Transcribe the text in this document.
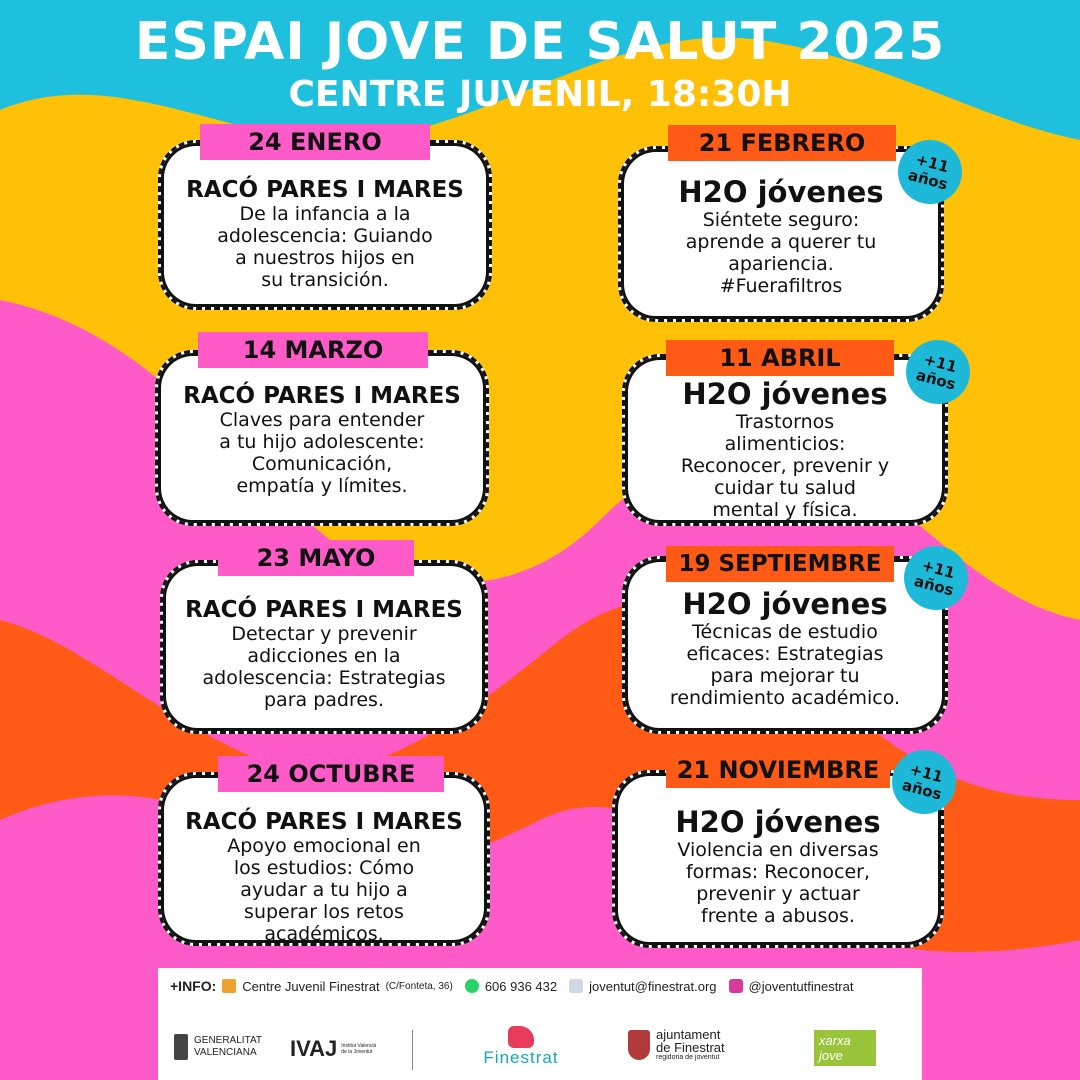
ESPAI JOVE DE SALUT 2025
CENTRE JUVENIL, 18:30H
RACÓ PARES I MARES
De la infancia a la
adolescencia: Guiando
a nuestros hijos en
su transición.
24 ENERO
RACÓ PARES I MARES
Claves para entender
a tu hijo adolescente:
Comunicación,
empatía y límites.
14 MARZO
RACÓ PARES I MARES
Detectar y prevenir
adicciones en la
adolescencia: Estrategias
para padres.
23 MAYO
RACÓ PARES I MARES
Apoyo emocional en
los estudios: Cómo
ayudar a tu hijo a
superar los retos
académicos.
24 OCTUBRE
H2O jóvenes
Siéntete seguro:
aprende a querer tu
apariencia.
#Fuerafiltros
21 FEBRERO
+11
años
H2O jóvenes
Trastornos
alimenticios:
Reconocer, prevenir y
cuidar tu salud
mental y física.
11 ABRIL	+11
años
H2O jóvenes
Técnicas de estudio
eficaces: Estrategias
para mejorar tu
rendimiento académico.
19 SEPTIEMBRE	+11
años
H2O jóvenes
Violencia en diversas
formas: Reconocer,
prevenir y actuar
frente a abusos.
21 NOVIEMBRE	+11
años
+INFO: Centre Juvenil Finestrat (C/Fonteta, 36) 606 936 432 joventut@finestrat.org @joventutfinestrat
GENERALITAT
VALENCIANA IVAJ Institut Valencià
de la Joventut	Finestrat
ajuntament
de Finestrat
regidoria de joventut
xarxa
jove
